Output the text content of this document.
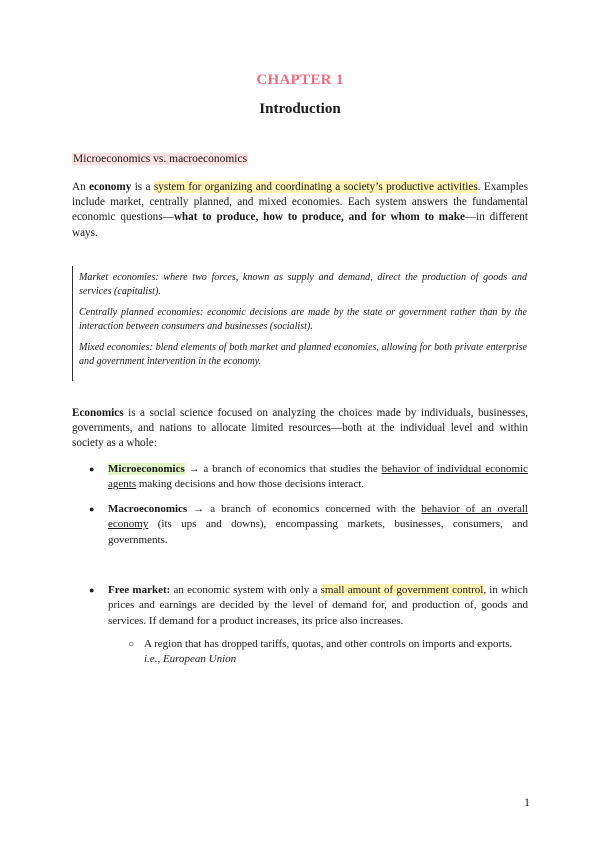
CHAPTER 1
Introduction
Microeconomics vs. macroeconomics
An economy is a system for organizing and coordinating a society’s productive activities. Examples include market, centrally planned, and mixed economies. Each system answers the fundamental economic questions—what to produce, how to produce, and for whom to make—in different ways.

Market economies: where two forces, known as supply and demand, direct the production of goods and services (capitalist).

Centrally planned economies: economic decisions are made by the state or government rather than by the interaction between consumers and businesses (socialist).

Mixed economies: blend elements of both market and planned economies, allowing for both private enterprise and government intervention in the economy.

Economics is a social science focused on analyzing the choices made by individuals, businesses, governments, and nations to allocate limited resources—both at the individual level and within society as a whole:
● Microeconomics → a branch of economics that studies the behavior of individual economic agents making decisions and how those decisions interact.
● Macroeconomics → a branch of economics concerned with the behavior of an overall economy (its ups and downs), encompassing markets, businesses, consumers, and governments.
● Free market: an economic system with only a small amount of government control, in which prices and earnings are decided by the level of demand for, and production of, goods and services. If demand for a product increases, its price also increases.
○ A region that has dropped tariffs, quotas, and other controls on imports and exports.
i.e., European Union
1
